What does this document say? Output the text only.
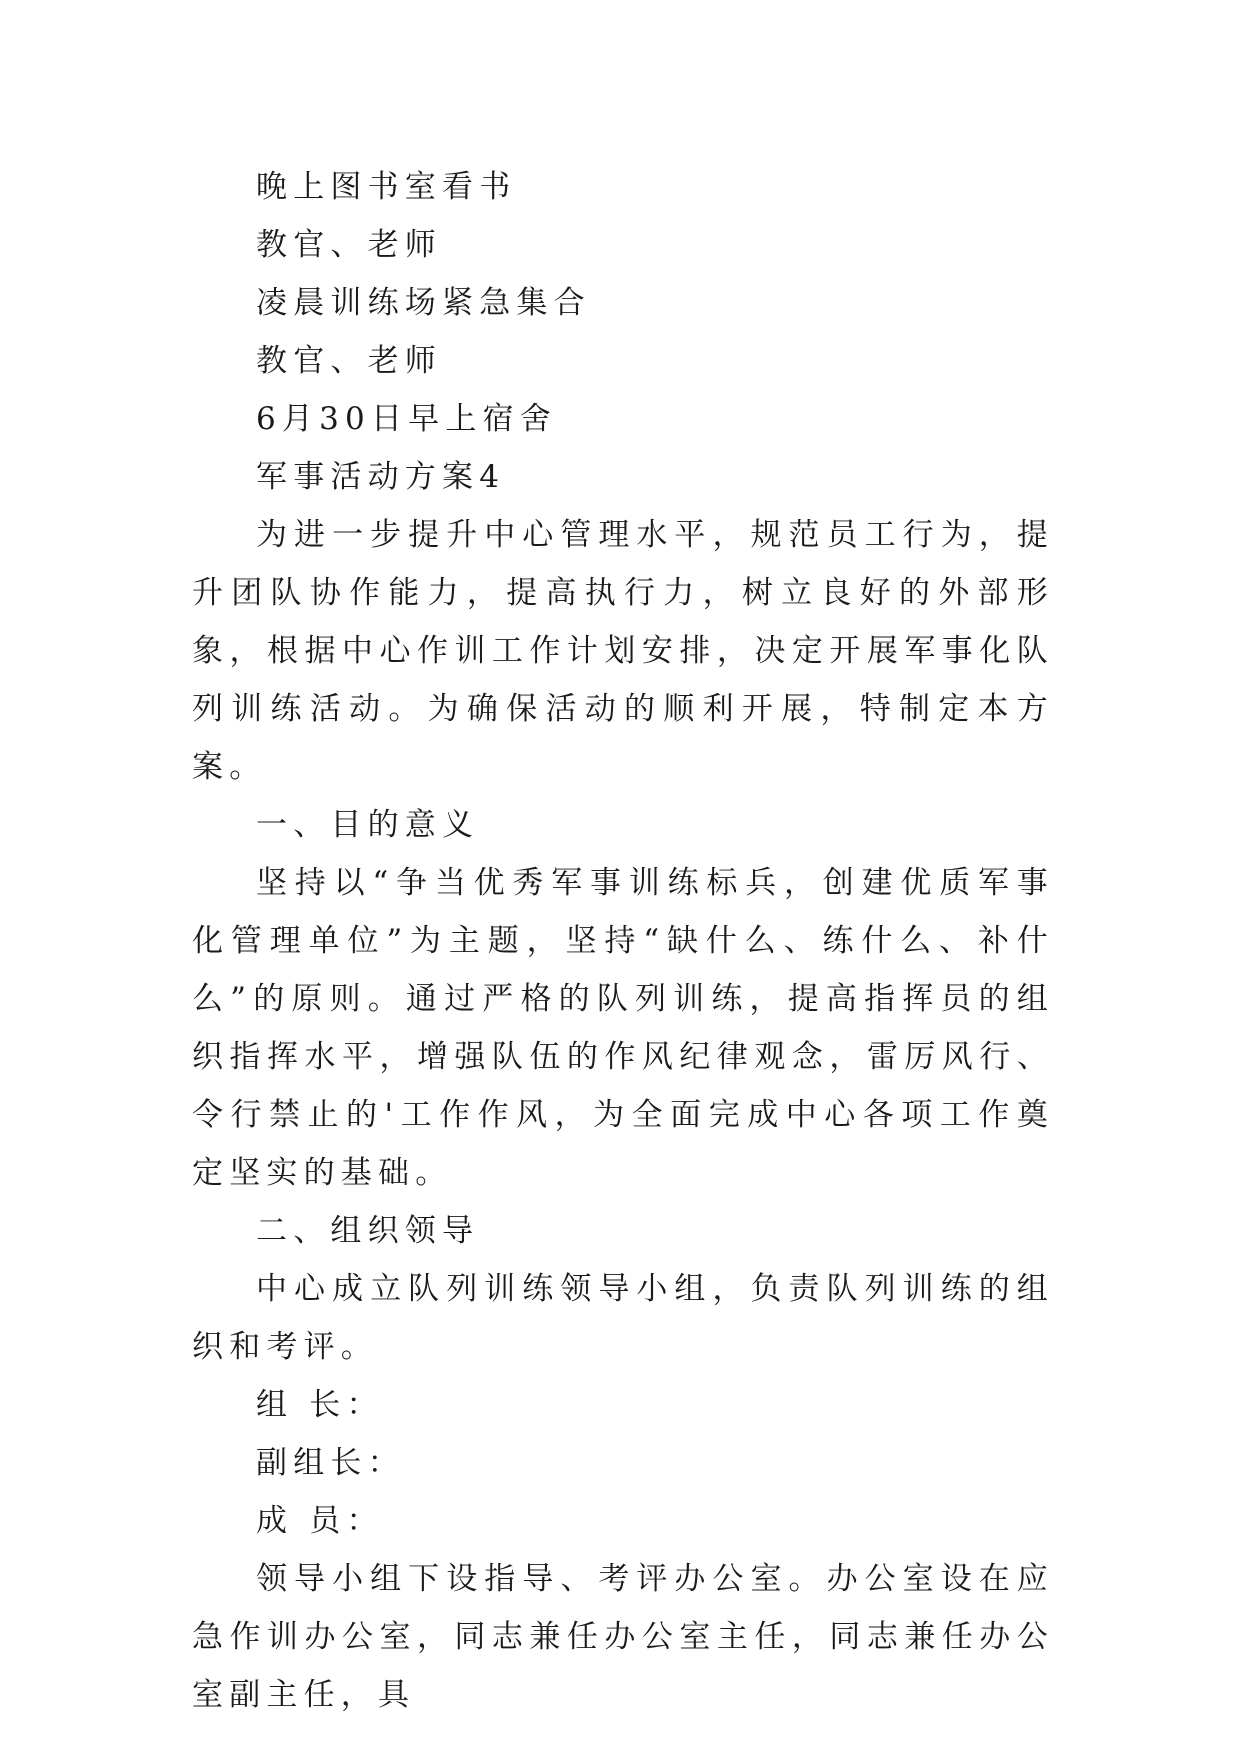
晚上图书室看书

教官、老师

凌晨训练场紧急集合

教官、老师

6月30日早上宿舍

军事活动方案4

为进一步提升中心管理水平，规范员工行为，提升团队协作能力，提高执行力，树立良好的外部形象，根据中心作训工作计划安排，决定开展军事化队列训练活动。为确保活动的顺利开展，特制定本方案。

一、目的意义

坚持以“争当优秀军事训练标兵，创建优质军事化管理单位”为主题，坚持“缺什么、练什么、补什么”的原则。通过严格的队列训练，提高指挥员的组织指挥水平，增强队伍的作风纪律观念，雷厉风行、令行禁止的'工作作风，为全面完成中心各项工作奠定坚实的基础。

二、组织领导

中心成立队列训练领导小组，负责队列训练的组织和考评。

组 长：

副组长：

成 员：

领导小组下设指导、考评办公室。办公室设在应急作训办公室，同志兼任办公室主任，同志兼任办公室副主任，具
